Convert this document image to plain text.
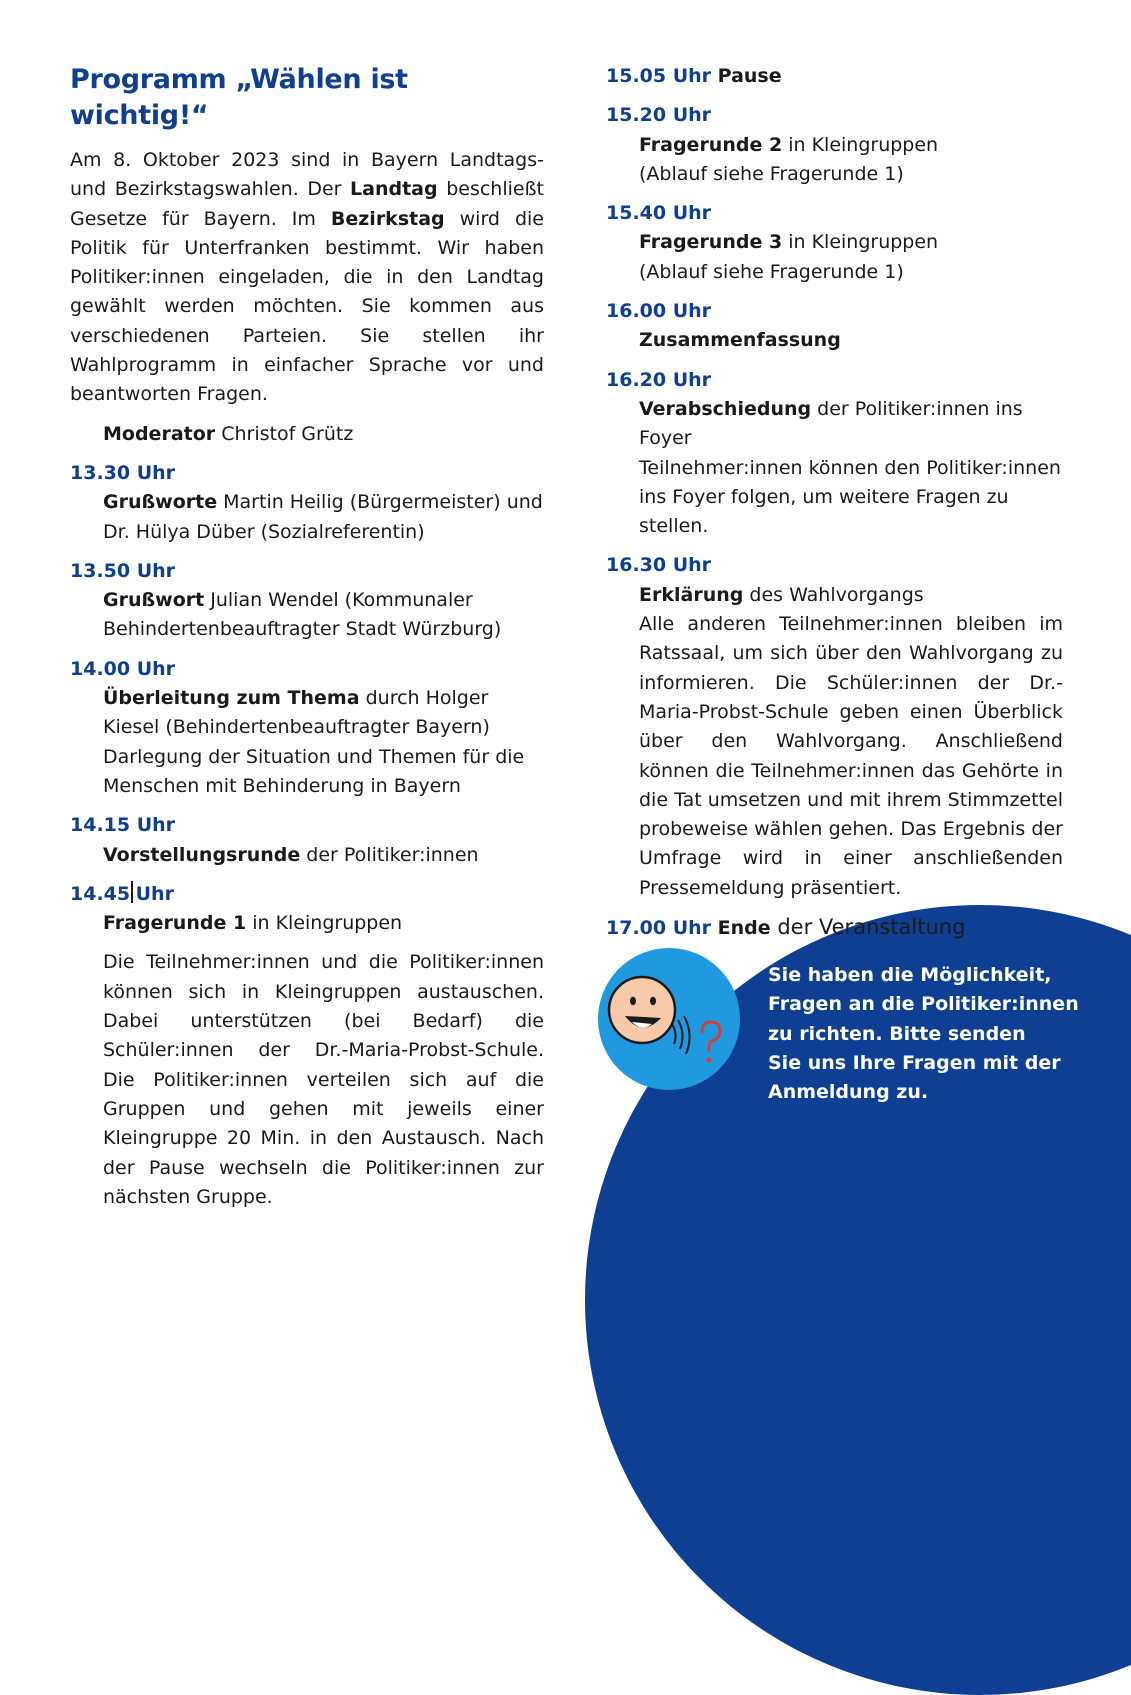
Programm „Wählen ist wichtig!“

Am 8. Oktober 2023 sind in Bayern Landtags- und Bezirkstagswahlen. Der Landtag beschließt Gesetze für Bayern. Im Bezirkstag wird die Politik für Unterfranken bestimmt. Wir haben Politiker:innen eingeladen, die in den Landtag gewählt werden möchten. Sie kommen aus verschiedenen Parteien. Sie stellen ihr Wahlprogramm in einfacher Sprache vor und beantworten Fragen.

Moderator Christof Grütz
13.30 Uhr
Grußworte Martin Heilig (Bürgermeister) und
Dr. Hülya Düber (Sozialreferentin)
13.50 Uhr
Grußwort Julian Wendel (Kommunaler
Behindertenbeauftragter Stadt Würzburg)
14.00 Uhr
Überleitung zum Thema durch Holger
Kiesel (Behindertenbeauftragter Bayern)
Darlegung der Situation und Themen für die
Menschen mit Behinderung in Bayern
14.15 Uhr
Vorstellungsrunde der Politiker:innen
14.45 Uhr
Fragerunde 1 in Kleingruppen
Die Teilnehmer:innen und die Politiker:innen können sich in Kleingruppen austauschen. Dabei unterstützen (bei Bedarf) die Schüler:innen der Dr.-Maria-Probst-Schule. Die Politiker:innen verteilen sich auf die Gruppen und gehen mit jeweils einer Kleingruppe 20 Min. in den Austausch. Nach der Pause wechseln die Politiker:innen zur nächsten Gruppe.
15.05 Uhr Pause
15.20 Uhr
Fragerunde 2 in Kleingruppen
(Ablauf siehe Fragerunde 1)
15.40 Uhr
Fragerunde 3 in Kleingruppen
(Ablauf siehe Fragerunde 1)
16.00 Uhr
Zusammenfassung
16.20 Uhr
Verabschiedung der Politiker:innen ins Foyer
Teilnehmer:innen können den Politiker:innen
ins Foyer folgen, um weitere Fragen zu stellen.
16.30 Uhr
Erklärung des Wahlvorgangs
Alle anderen Teilnehmer:innen bleiben im Ratssaal, um sich über den Wahlvorgang zu informieren. Die Schüler:innen der Dr.-Maria-Probst-Schule geben einen Überblick über den Wahlvorgang. Anschließend können die Teilnehmer:innen das Gehörte in die Tat umsetzen und mit ihrem Stimmzettel probeweise wählen gehen. Das Ergebnis der Umfrage wird in einer anschließenden Pressemeldung präsentiert.
17.00 Uhr Ende der Veranstaltung
Sie haben die Möglichkeit,
Fragen an die Politiker:innen
zu richten. Bitte senden
Sie uns Ihre Fragen mit der
Anmeldung zu.
